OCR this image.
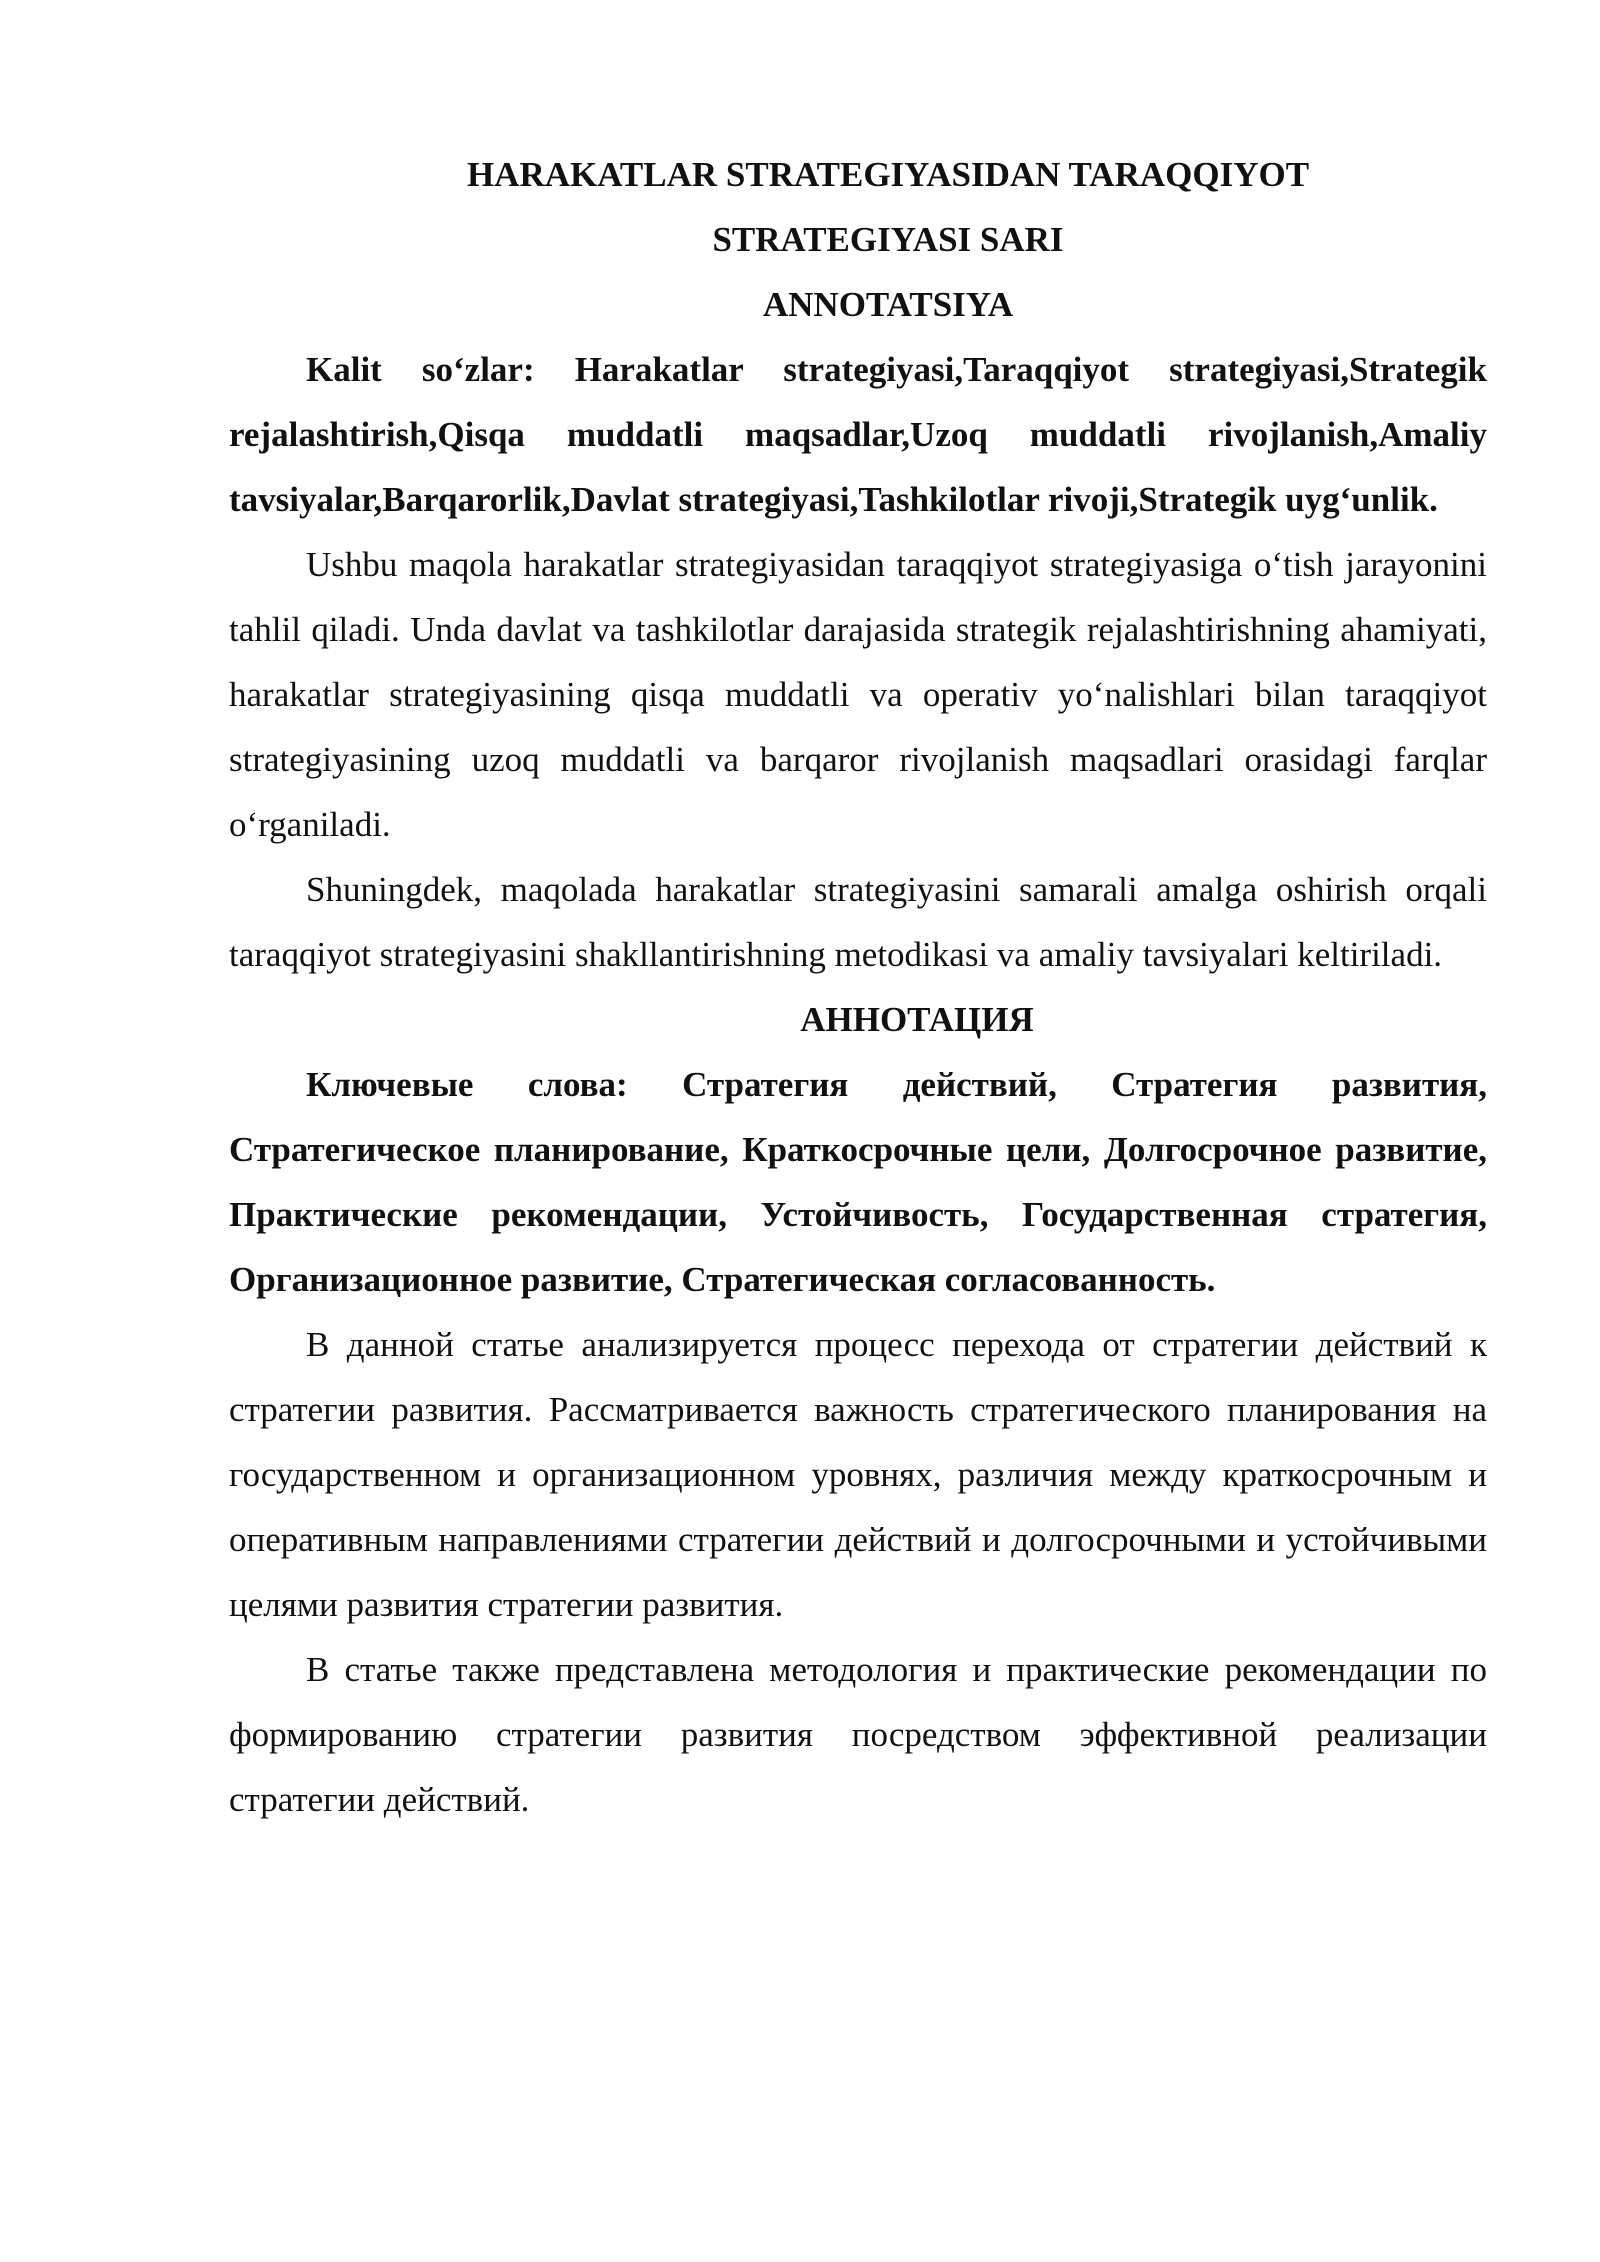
HARAKATLAR STRATEGIYASIDAN TARAQQIYOT

STRATEGIYASI SARI

ANNOTATSIYA

Kalit so‘zlar: Harakatlar strategiyasi,Taraqqiyot strategiyasi,Strategik rejalashtirish,Qisqa muddatli maqsadlar,Uzoq muddatli rivojlanish,Amaliy tavsiyalar,Barqarorlik,Davlat strategiyasi,Tashkilotlar rivoji,Strategik uyg‘unlik.

Ushbu maqola harakatlar strategiyasidan taraqqiyot strategiyasiga o‘tish jarayonini tahlil qiladi. Unda davlat va tashkilotlar darajasida strategik rejalashtirishning ahamiyati, harakatlar strategiyasining qisqa muddatli va operativ yo‘nalishlari bilan taraqqiyot strategiyasining uzoq muddatli va barqaror rivojlanish maqsadlari orasidagi farqlar o‘rganiladi.

Shuningdek, maqolada harakatlar strategiyasini samarali amalga oshirish orqali taraqqiyot strategiyasini shakllantirishning metodikasi va amaliy tavsiyalari keltiriladi.

АННОТАЦИЯ

Ключевые слова: Стратегия действий, Стратегия развития, Стратегическое планирование, Краткосрочные цели, Долгосрочное развитие, Практические рекомендации, Устойчивость, Государственная стратегия, Организационное развитие, Стратегическая согласованность.

В данной статье анализируется процесс перехода от стратегии действий к стратегии развития. Рассматривается важность стратегического планирования на государственном и организационном уровнях, различия между краткосрочным и оперативным направлениями стратегии действий и долгосрочными и устойчивыми целями развития стратегии развития.

В статье также представлена методология и практические рекомендации по формированию стратегии развития посредством эффективной реализации стратегии действий.
